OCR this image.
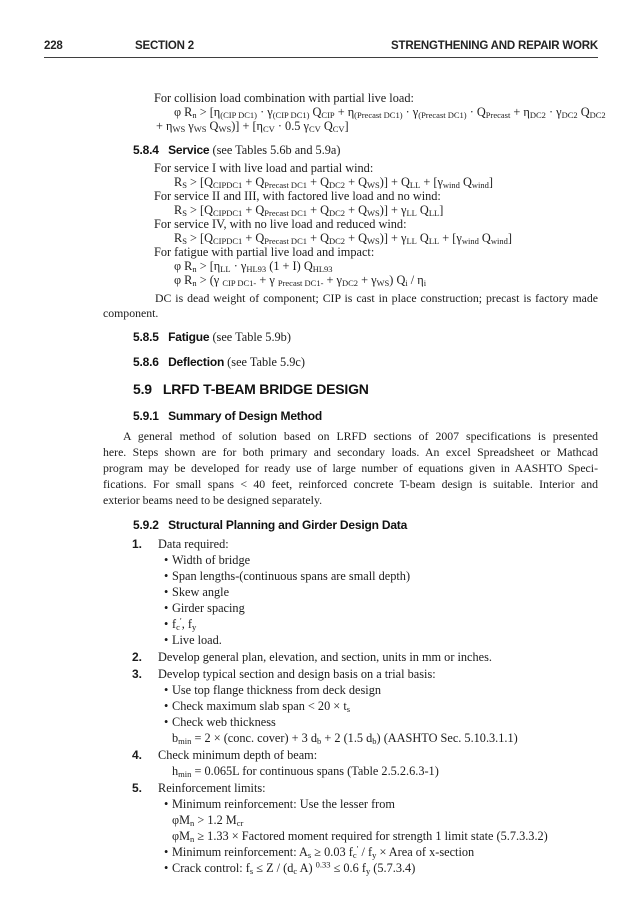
228	SECTION 2	STRENGTHENING AND REPAIR WORK
For collision load combination with partial live load:
φ $R_n > [\eta_{(CIP DC1)} \cdot \gamma_{(CIP DC1)}$ $Q_{CIP} + \eta_{(Precast DC1)} \cdot \gamma_{(Precast DC1)} \cdot Q_{Precast} + \eta_{DC2} \cdot \gamma_{DC2}$ $Q_{DC2}$
+ $\eta_{WS}$ $\gamma_{WS}$ $Q_{WS})] + [\eta_{CV} \cdot 0.5$ $\gamma_{CV}$ $Q_{CV}$]
5.8.4   Service (see Tables 5.6b and 5.9a)
For service I with live load and partial wind:
$R_S > [Q_{CIPDC1} + Q_{Precast DC1} + Q_{DC2} + Q_{WS})] + Q_{LL} + [\gamma_{wind}$ $Q_{wind}$]
For service II and III, with factored live load and no wind:
$R_S > [Q_{CIPDC1} + Q_{Precast DC1} + Q_{DC2} + Q_{WS})] + \gamma_{LL}$ $Q_{LL}$]
For service IV, with no live load and reduced wind:
$R_S > [Q_{CIPDC1} + Q_{Precast DC1} + Q_{DC2} + Q_{WS})] + \gamma_{LL}$ $Q_{LL} + [\gamma_{wind}$ $Q_{wind}$]
For fatigue with partial live load and impact:
φ $R_n > [\eta_{LL} \cdot \gamma_{HL93}$ (1 + I) $Q_{HL93}$
φ $R_n > (\gamma$ $_{CIP DC1-}$ + γ $_{Precast DC1-} + \gamma_{DC2} + \gamma_{WS}$) $Q_i / \eta_i$
DC is dead weight of component; CIP is cast in place construction; precast is factory made
component.
5.8.5   Fatigue (see Table 5.9b)
5.8.6   Deflection (see Table 5.9c)
5.9   LRFD T-BEAM BRIDGE DESIGN
5.9.1   Summary of Design Method
A general method of solution based on LRFD sections of 2007 specifications is presented
here. Steps shown are for both primary and secondary loads. An excel Spreadsheet or Mathcad
program may be developed for ready use of large number of equations given in AASHTO Speci-
fications. For small spans < 40 feet, reinforced concrete T-beam design is suitable. Interior and
exterior beams need to be designed separately.
5.9.2   Structural Planning and Girder Design Data
1. Data required:
• Width of bridge
• Span lengths-(continuous spans are small depth)
• Skew angle
• Girder spacing
• $f_c'$, $f_y$
• Live load.
2. Develop general plan, elevation, and section, units in mm or inches.
3. Develop typical section and design basis on a trial basis:
• Use top flange thickness from deck design
• Check maximum slab span < $20 \times t_s$
• Check web thickness
$b_{min} = 2$ × (conc. cover) + 3 $d_b + 2$ (1.5 $d_b$) (AASHTO Sec. 5.10.3.1.1)
4. Check minimum depth of beam:
$h_{min} = 0.065L$ for continuous spans (Table 2.5.2.6.3-1)
5. Reinforcement limits:
• Minimum reinforcement: Use the lesser from
$\varphi M_n > 1.2$ $M_{cr}$
$\varphi M_n \ge 1.33$ × Factored moment required for strength 1 limit state (5.7.3.3.2)
• Minimum reinforcement: $A_s \ge 0.03$ $f_c' / f_y$ × Area of x-section
• Crack control: $f_s \le Z / (d_c$ A) $^{0.33}$ ≤ 0.6 $f_y$ (5.7.3.4)
